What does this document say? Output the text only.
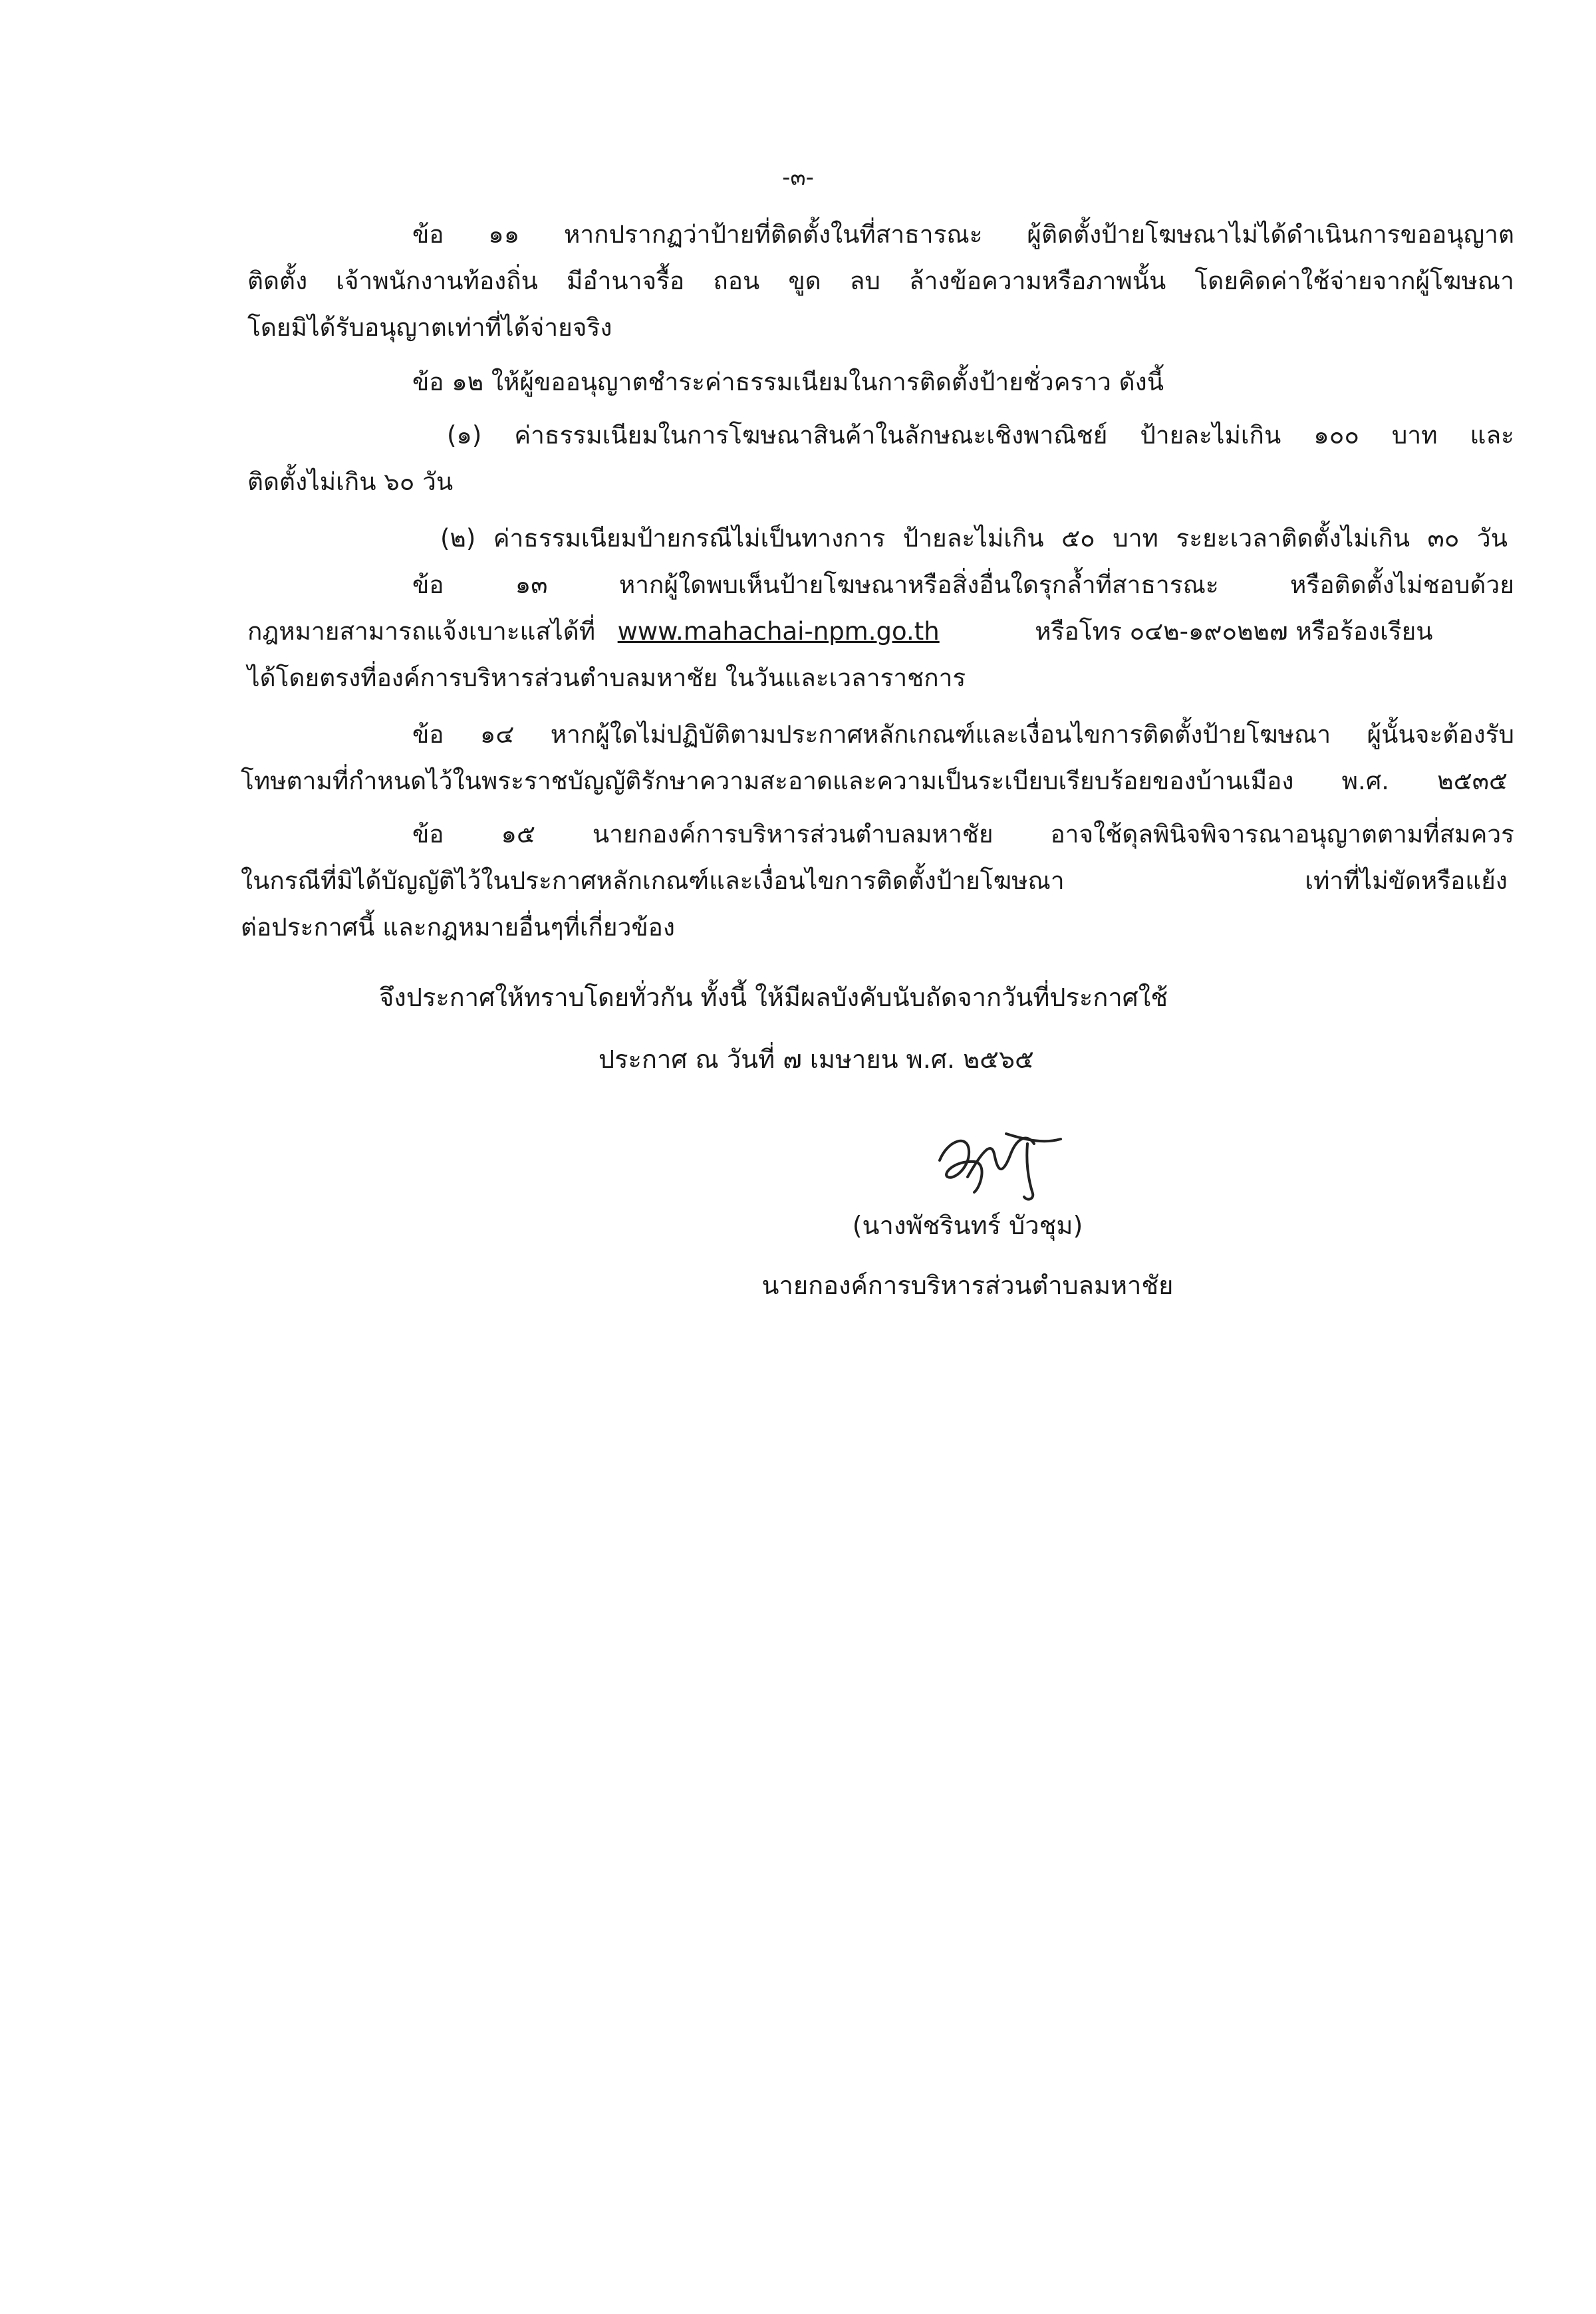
-๓-
ข้อ ๑๑ หากปรากฏว่าป้ายที่ติดตั้งในที่สาธารณะ ผู้ติดตั้งป้ายโฆษณาไม่ได้ดำเนินการขออนุญาต
ติดตั้ง เจ้าพนักงานท้องถิ่น มีอำนาจรื้อ ถอน ขูด ลบ ล้างข้อความหรือภาพนั้น โดยคิดค่าใช้จ่ายจากผู้โฆษณา
โดยมิได้รับอนุญาตเท่าที่ได้จ่ายจริง
ข้อ ๑๒ ให้ผู้ขออนุญาตชำระค่าธรรมเนียมในการติดตั้งป้ายชั่วคราว ดังนี้
(๑) ค่าธรรมเนียมในการโฆษณาสินค้าในลักษณะเชิงพาณิชย์ ป้ายละไม่เกิน ๑๐๐ บาท และ
ติดตั้งไม่เกิน ๖๐ วัน
(๒) ค่าธรรมเนียมป้ายกรณีไม่เป็นทางการ ป้ายละไม่เกิน ๕๐ บาท ระยะเวลาติดตั้งไม่เกิน ๓๐ วัน
ข้อ ๑๓ หากผู้ใดพบเห็นป้ายโฆษณาหรือสิ่งอื่นใดรุกล้ำที่สาธารณะ หรือติดตั้งไม่ชอบด้วย
กฎหมายสามารถแจ้งเบาะแสได้ที่ www.mahachai-npm.go.th	หรือโทร ๐๔๒-๑๙๐๒๒๗ หรือร้องเรียน
ได้โดยตรงที่องค์การบริหารส่วนตำบลมหาชัย ในวันและเวลาราชการ
ข้อ ๑๔ หากผู้ใดไม่ปฏิบัติตามประกาศหลักเกณฑ์และเงื่อนไขการติดตั้งป้ายโฆษณา ผู้นั้นจะต้องรับ
โทษตามที่กำหนดไว้ในพระราชบัญญัติรักษาความสะอาดและความเป็นระเบียบเรียบร้อยของบ้านเมือง พ.ศ. ๒๕๓๕
ข้อ ๑๕ นายกองค์การบริหารส่วนตำบลมหาชัย อาจใช้ดุลพินิจพิจารณาอนุญาตตามที่สมควร
ในกรณีที่มิได้บัญญัติไว้ในประกาศหลักเกณฑ์และเงื่อนไขการติดตั้งป้ายโฆษณา เท่าที่ไม่ขัดหรือแย้ง
ต่อประกาศนี้ และกฎหมายอื่นๆที่เกี่ยวข้อง
จึงประกาศให้ทราบโดยทั่วกัน ทั้งนี้ ให้มีผลบังคับนับถัดจากวันที่ประกาศใช้
ประกาศ ณ วันที่ ๗ เมษายน พ.ศ. ๒๕๖๕
(นางพัชรินทร์ บัวชุม)
นายกองค์การบริหารส่วนตำบลมหาชัย
